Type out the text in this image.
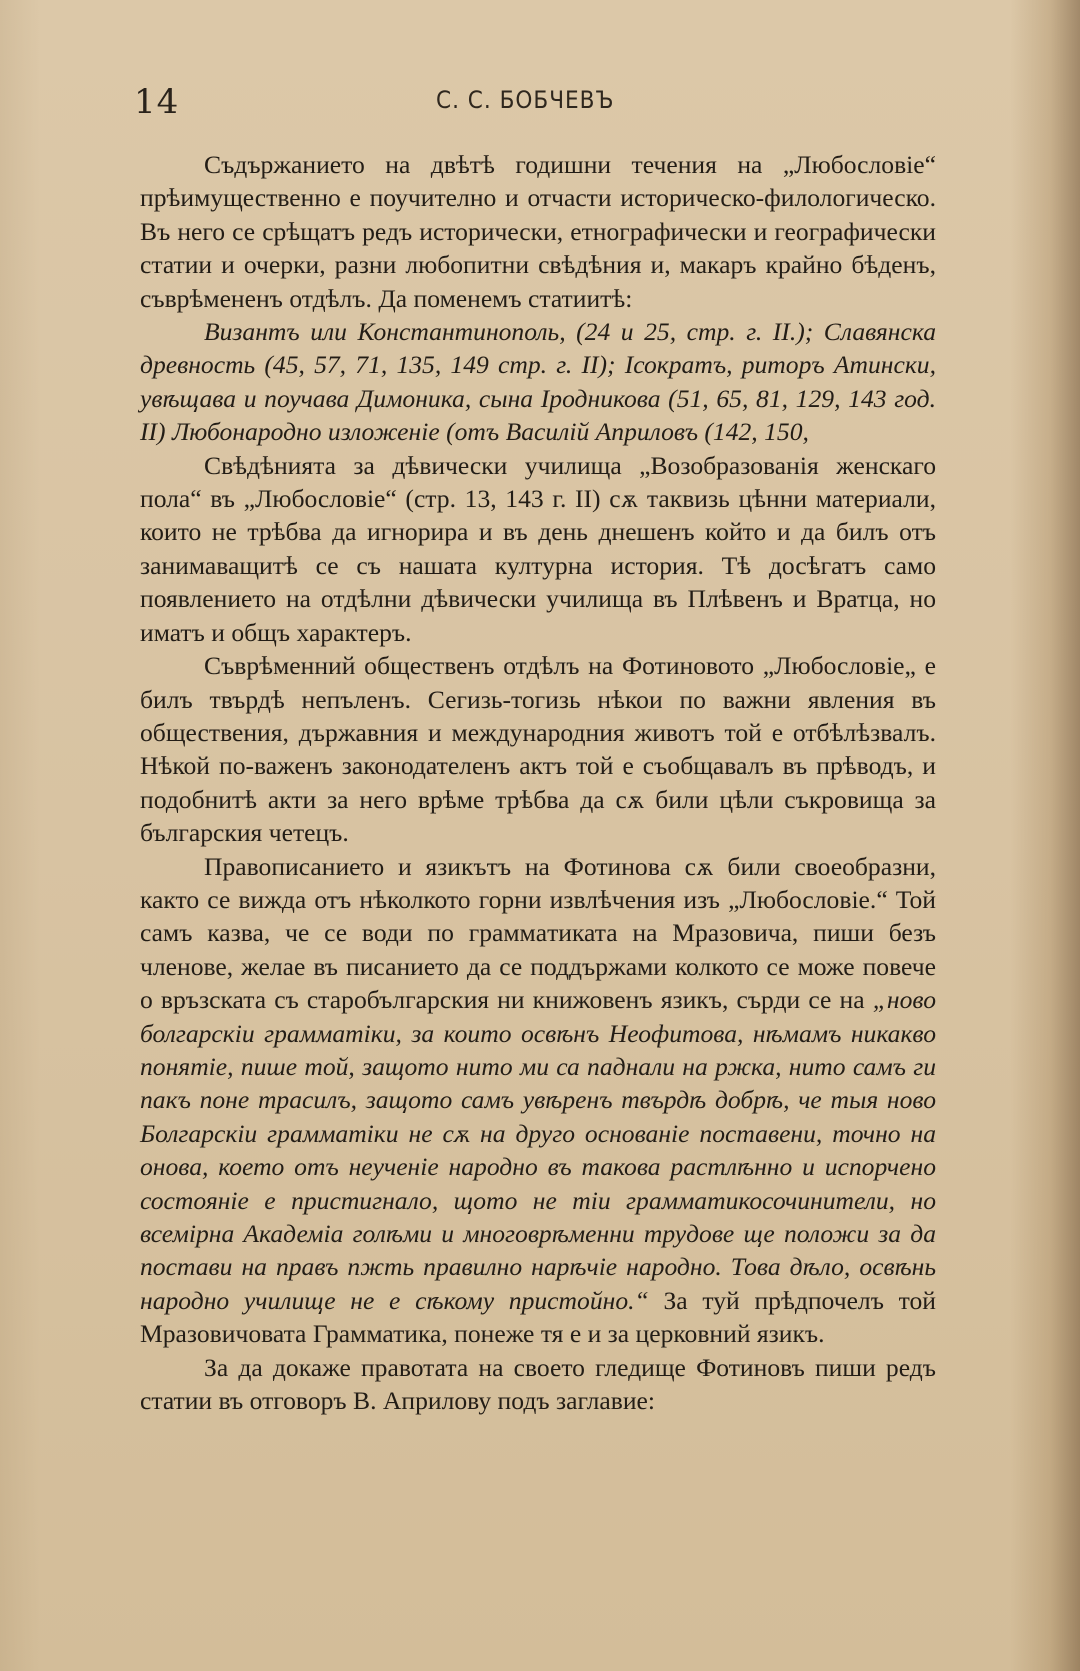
14	С. С. БОБЧЕВЪ

Съдържанието на двѣтѣ годишни течения на „Любословіе“ прѣимущественно е поучително и отчасти историческо-филологическо. Въ него се срѣщатъ редъ исторически, етнографически и географически статии и очерки, разни любопитни свѣдѣния и, макаръ крайно бѣденъ, съврѣмененъ отдѣлъ. Да поменемъ статиитѣ:

Византъ или Константинополь, (24 и 25, стр. г. II.); Славянска древность (45, 57, 71, 135, 149 стр. г. II); Ісократъ, риторъ Атински, увѣщава и поучава Димоника, сына Іродникова (51, 65, 81, 129, 143 год. II) Любонародно изложеніе (отъ Василій Априловъ (142, 150,

Свѣдѣнията за дѣвически училища „Возобразованія женскаго пола“ въ „Любословіе“ (стр. 13, 143 г. II) сѫ таквизь цѣнни материали, които не трѣбва да игнорира и въ день днешенъ който и да билъ отъ занимаващитѣ се съ нашата културна история. Тѣ досѣгатъ само появлението на отдѣлни дѣвически училища въ Плѣвенъ и Вратца, но иматъ и общъ характеръ.

Съврѣменний общественъ отдѣлъ на Фотиновото „Любословіе„ е билъ твърдѣ непъленъ. Сегизь-тогизь нѣкои по важни явления въ обществения, държавния и международния животъ той е отбѣлѣзвалъ. Нѣкой по-важенъ законодателенъ актъ той е съобщавалъ въ прѣводъ, и подобнитѣ акти за него врѣме трѣбва да сѫ били цѣли съкровища за българския четецъ.

Правописанието и язикътъ на Фотинова сѫ били своеобразни, както се вижда отъ нѣколкото горни извлѣчения изъ „Любословіе.“ Той самъ казва, че се води по граммaтиката на Мразовича, пиши безъ членове, желае въ писанието да се поддържами колкото се може повече о връзската съ старобългарския ни книжовенъ язикъ, сърди се на „ново болгарскіи граммaтіки, за които освѣнъ Неофитова, нѣмамъ никакво понятіе, пише той, защото нито ми са паднали на ржка, нито самъ ги пакъ поне трасилъ, защото самъ увѣренъ твърдѣ добрѣ, че тыя ново Болгарскіи граммaтіки не сѫ на друго основаніе поставени, точно на онова, което отъ неученіе народно въ такова растлѣнно и испорчено состояніе е пристигнало, щото не тіи граммaтикосочинители, но всемірна Академіа голѣми и многоврѣменни трудове ще положи за да постави на правъ пжть правилно нарѣчіе народно. Това дѣло, освѣнь народно училище не е сѣкому пристойно.“ За туй прѣдпочелъ той Мразовичовата Грамматика, понеже тя е и за церковний язикъ.

За да докаже правотата на своето гледище Фотиновъ пиши редъ статии въ отговоръ В. Априлову подъ заглавие:
